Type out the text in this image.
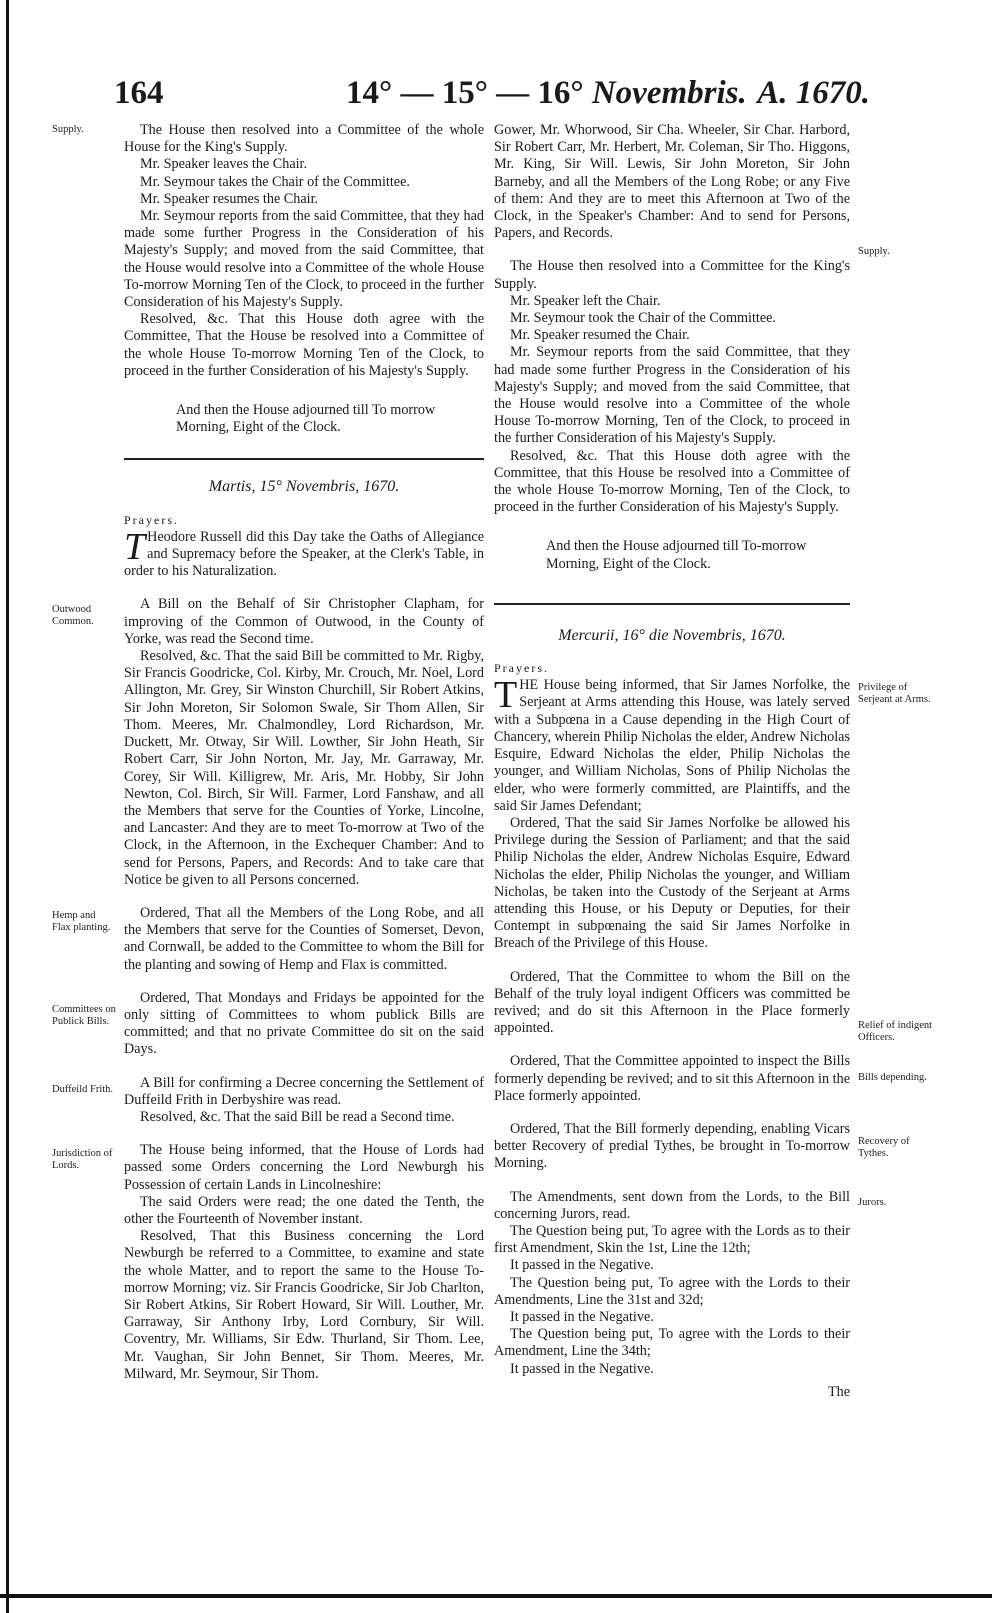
164	14° — 15° — 16° Novembris. A. 1670.
Supply.
Outwood Common.
Hemp and Flax planting.
Committees on Publick Bills.
Duffeild Frith.
Jurisdiction of Lords.
Supply.
Privilege of Serjeant at Arms.
Relief of indigent Officers.
Bills depending.
Recovery of Tythes.
Jurors.

The House then resolved into a Committee of the whole House for the King's Supply.

Mr. Speaker leaves the Chair.

Mr. Seymour takes the Chair of the Committee.

Mr. Speaker resumes the Chair.

Mr. Seymour reports from the said Committee, that they had made some further Progress in the Consideration of his Majesty's Supply; and moved from the said Committee, that the House would resolve into a Committee of the whole House To-morrow Morning Ten of the Clock, to proceed in the further Consideration of his Majesty's Supply.

Resolved, &c. That this House doth agree with the Committee, That the House be resolved into a Committee of the whole House To-morrow Morning Ten of the Clock, to proceed in the further Consideration of his Majesty's Supply.

And then the House adjourned till To morrow Morning, Eight of the Clock.

Martis, 15° Novembris, 1670.
Prayers.

T Heodore Russell did this Day take the Oaths of Allegiance and Supremacy before the Speaker, at the Clerk's Table, in order to his Naturalization.

A Bill on the Behalf of Sir Christopher Clapham, for improving of the Common of Outwood, in the County of Yorke, was read the Second time.

Resolved, &c. That the said Bill be committed to Mr. Rigby, Sir Francis Goodricke, Col. Kirby, Mr. Crouch, Mr. Noel, Lord Allington, Mr. Grey, Sir Winston Churchill, Sir Robert Atkins, Sir John Moreton, Sir Solomon Swale, Sir Thom Allen, Sir Thom. Meeres, Mr. Chalmondley, Lord Richardson, Mr. Duckett, Mr. Otway, Sir Will. Lowther, Sir John Heath, Sir Robert Carr, Sir John Norton, Mr. Jay, Mr. Garraway, Mr. Corey, Sir Will. Killigrew, Mr. Aris, Mr. Hobby, Sir John Newton, Col. Birch, Sir Will. Farmer, Lord Fanshaw, and all the Members that serve for the Counties of Yorke, Lincolne, and Lancaster: And they are to meet To-morrow at Two of the Clock, in the Afternoon, in the Exchequer Chamber: And to send for Persons, Papers, and Records: And to take care that Notice be given to all Persons concerned.

Ordered, That all the Members of the Long Robe, and all the Members that serve for the Counties of Somerset, Devon, and Cornwall, be added to the Committee to whom the Bill for the planting and sowing of Hemp and Flax is committed.

Ordered, That Mondays and Fridays be appointed for the only sitting of Committees to whom publick Bills are committed; and that no private Committee do sit on the said Days.

A Bill for confirming a Decree concerning the Settlement of Duffeild Frith in Derbyshire was read.

Resolved, &c. That the said Bill be read a Second time.

The House being informed, that the House of Lords had passed some Orders concerning the Lord Newburgh his Possession of certain Lands in Lincolneshire:

The said Orders were read; the one dated the Tenth, the other the Fourteenth of November instant.

Resolved, That this Business concerning the Lord Newburgh be referred to a Committee, to examine and state the whole Matter, and to report the same to the House To-morrow Morning; viz. Sir Francis Goodricke, Sir Job Charlton, Sir Robert Atkins, Sir Robert Howard, Sir Will. Louther, Mr. Garraway, Sir Anthony Irby, Lord Cornbury, Sir Will. Coventry, Mr. Williams, Sir Edw. Thurland, Sir Thom. Lee, Mr. Vaughan, Sir John Bennet, Sir Thom. Meeres, Mr. Milward, Mr. Seymour, Sir Thom.

Gower, Mr. Whorwood, Sir Cha. Wheeler, Sir Char. Harbord, Sir Robert Carr, Mr. Herbert, Mr. Coleman, Sir Tho. Higgons, Mr. King, Sir Will. Lewis, Sir John Moreton, Sir John Barneby, and all the Members of the Long Robe; or any Five of them: And they are to meet this Afternoon at Two of the Clock, in the Speaker's Chamber: And to send for Persons, Papers, and Records.

The House then resolved into a Committee for the King's Supply.

Mr. Speaker left the Chair.

Mr. Seymour took the Chair of the Committee.

Mr. Speaker resumed the Chair.

Mr. Seymour reports from the said Committee, that they had made some further Progress in the Consideration of his Majesty's Supply; and moved from the said Committee, that the House would resolve into a Committee of the whole House To-morrow Morning, Ten of the Clock, to proceed in the further Consideration of his Majesty's Supply.

Resolved, &c. That this House doth agree with the Committee, that this House be resolved into a Committee of the whole House To-morrow Morning, Ten of the Clock, to proceed in the further Consideration of his Majesty's Supply.

And then the House adjourned till To-morrow Morning, Eight of the Clock.

Mercurii, 16° die Novembris, 1670.
Prayers.

THE House being informed, that Sir James Norfolke, the Serjeant at Arms attending this House, was lately served with a Subpœna in a Cause depending in the High Court of Chancery, wherein Philip Nicholas the elder, Andrew Nicholas Esquire, Edward Nicholas the elder, Philip Nicholas the younger, and William Nicholas, Sons of Philip Nicholas the elder, who were formerly committed, are Plaintiffs, and the said Sir James Defendant;

Ordered, That the said Sir James Norfolke be allowed his Privilege during the Session of Parliament; and that the said Philip Nicholas the elder, Andrew Nicholas Esquire, Edward Nicholas the elder, Philip Nicholas the younger, and William Nicholas, be taken into the Custody of the Serjeant at Arms attending this House, or his Deputy or Deputies, for their Contempt in subpœnaing the said Sir James Norfolke in Breach of the Privilege of this House.

Ordered, That the Committee to whom the Bill on the Behalf of the truly loyal indigent Officers was committed be revived; and do sit this Afternoon in the Place formerly appointed.

Ordered, That the Committee appointed to inspect the Bills formerly depending be revived; and to sit this Afternoon in the Place formerly appointed.

Ordered, That the Bill formerly depending, enabling Vicars better Recovery of predial Tythes, be brought in To-morrow Morning.

The Amendments, sent down from the Lords, to the Bill concerning Jurors, read.

The Question being put, To agree with the Lords as to their first Amendment, Skin the 1st, Line the 12th;

It passed in the Negative.

The Question being put, To agree with the Lords to their Amendments, Line the 31st and 32d;

It passed in the Negative.

The Question being put, To agree with the Lords to their Amendment, Line the 34th;

It passed in the Negative.

The
